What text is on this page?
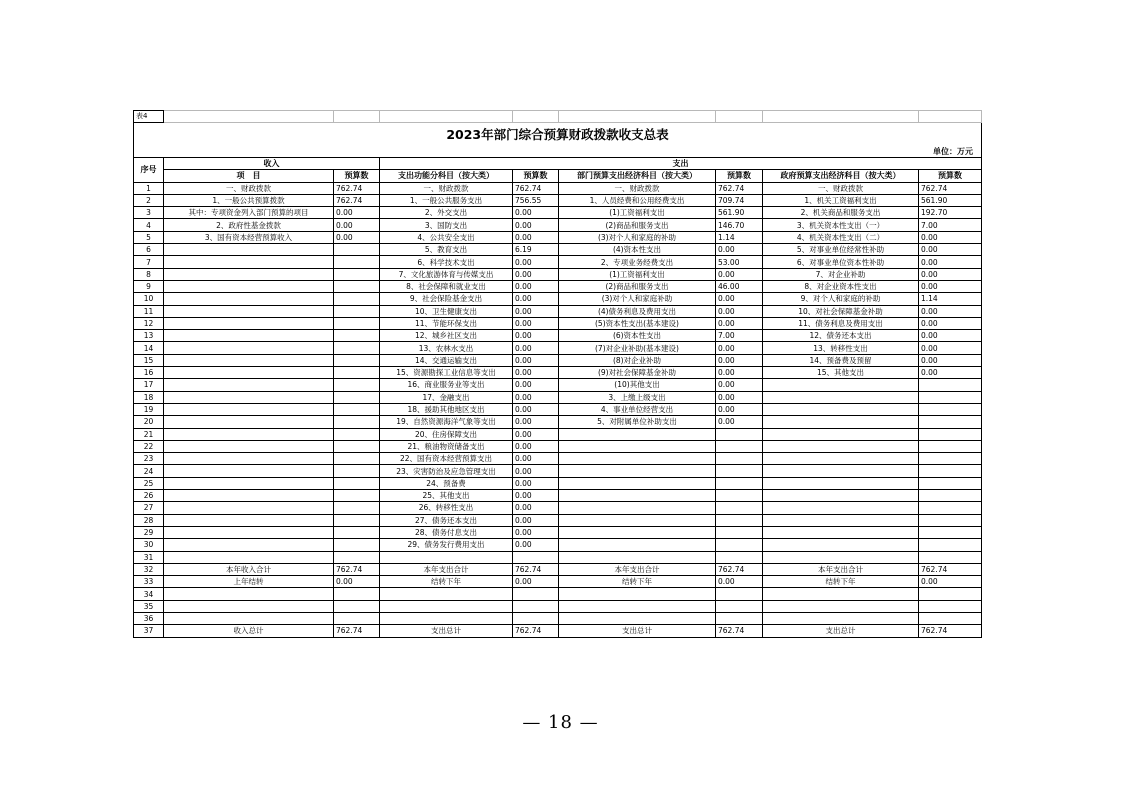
表4								
2023年部门综合预算财政拨款收支总表								
单位：万元								
序号	收入		支出					
	项　目	预算数	支出功能分科目（按大类）	预算数	部门预算支出经济科目（按大类）	预算数	政府预算支出经济科目（按大类）	预算数
1	一、财政拨款	762.74	一、财政拨款	762.74	一、财政拨款	762.74	一、财政拨款	762.74
2	1、一般公共预算拨款	762.74	1、一般公共服务支出	756.55	1、人员经费和公用经费支出	709.74	1、机关工资福利支出	561.90
3	其中：专项资金列入部门预算的项目	0.00	2、外交支出	0.00	(1)工资福利支出	561.90	2、机关商品和服务支出	192.70
4	2、政府性基金拨款	0.00	3、国防支出	0.00	(2)商品和服务支出	146.70	3、机关资本性支出（一）	7.00
5	3、国有资本经营预算收入	0.00	4、公共安全支出	0.00	(3)对个人和家庭的补助	1.14	4、机关资本性支出（二）	0.00
6			5、教育支出	6.19	(4)资本性支出	0.00	5、对事业单位经常性补助	0.00
7			6、科学技术支出	0.00	2、专项业务经费支出	53.00	6、对事业单位资本性补助	0.00
8			7、文化旅游体育与传媒支出	0.00	(1)工资福利支出	0.00	7、对企业补助	0.00
9			8、社会保障和就业支出	0.00	(2)商品和服务支出	46.00	8、对企业资本性支出	0.00
10			9、社会保险基金支出	0.00	(3)对个人和家庭补助	0.00	9、对个人和家庭的补助	1.14
11			10、卫生健康支出	0.00	(4)债务利息及费用支出	0.00	10、对社会保障基金补助	0.00
12			11、节能环保支出	0.00	(5)资本性支出(基本建设)	0.00	11、债务利息及费用支出	0.00
13			12、城乡社区支出	0.00	(6)资本性支出	7.00	12、债务还本支出	0.00
14			13、农林水支出	0.00	(7)对企业补助(基本建设)	0.00	13、转移性支出	0.00
15			14、交通运输支出	0.00	(8)对企业补助	0.00	14、预备费及预留	0.00
16			15、资源勘探工业信息等支出	0.00	(9)对社会保障基金补助	0.00	15、其他支出	0.00
17			16、商业服务业等支出	0.00	(10)其他支出	0.00		
18			17、金融支出	0.00	3、上缴上级支出	0.00		
19			18、援助其他地区支出	0.00	4、事业单位经营支出	0.00		
20			19、自然资源海洋气象等支出	0.00	5、对附属单位补助支出	0.00		
21			20、住房保障支出	0.00				
22			21、粮油物资储备支出	0.00				
23			22、国有资本经营预算支出	0.00				
24			23、灾害防治及应急管理支出	0.00				
25			24、预备费	0.00				
26			25、其他支出	0.00				
27			26、转移性支出	0.00				
28			27、债务还本支出	0.00				
29			28、债务付息支出	0.00				
30			29、债务发行费用支出	0.00				
31								
32	本年收入合计	762.74	本年支出合计	762.74	本年支出合计	762.74	本年支出合计	762.74
33	上年结转	0.00	结转下年	0.00	结转下年	0.00	结转下年	0.00
34								
35								
36								
37	收入总计	762.74	支出总计	762.74	支出总计	762.74	支出总计	762.74
— 18 —
